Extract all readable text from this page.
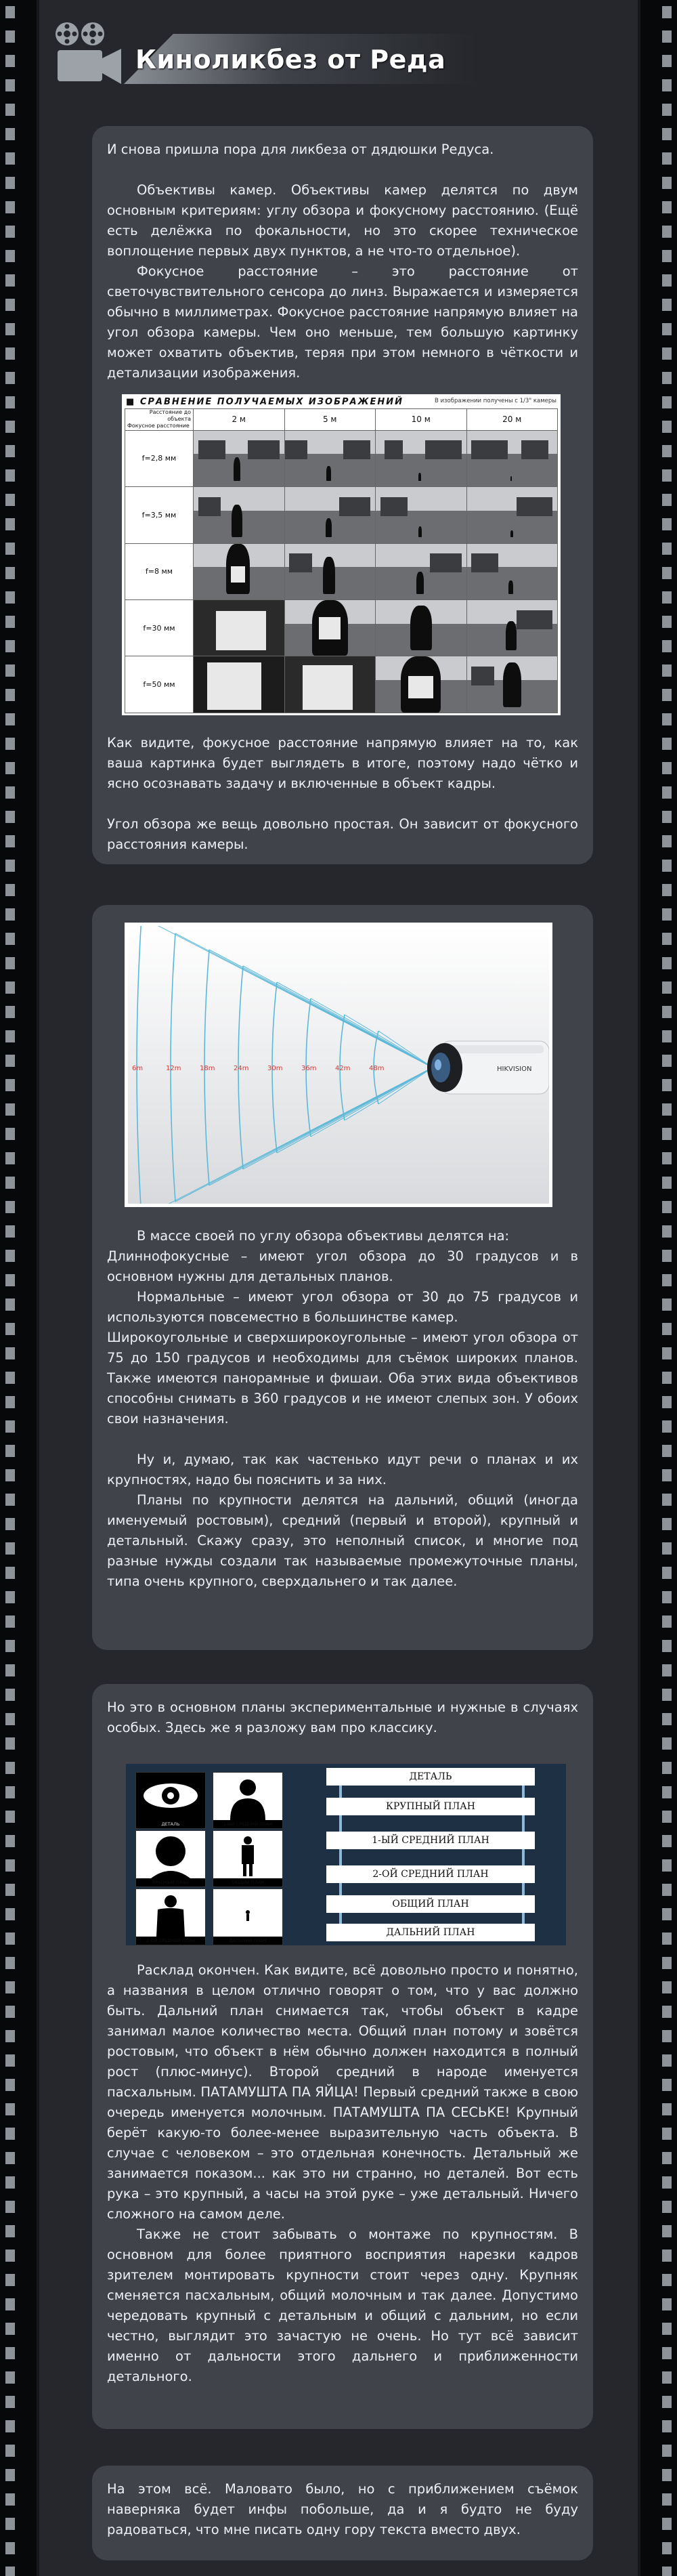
Киноликбез от Реда

И снова пришла пора для ликбеза от дядюшки Редуса.

Объективы камер. Объективы камер делятся по двум основным критериям: углу обзора и фокусному расстоянию. (Ещё есть делёжка по фокальности, но это скорее техническое воплощение первых двух пунктов, а не что-то отдельное).

Фокусное расстояние – это расстояние от светочувствительного сенсора до линз. Выражается и измеряется обычно в миллиметрах. Фокусное расстояние напрямую влияет на угол обзора камеры. Чем оно меньше, тем большую картинку может охватить объектив, теряя при этом немного в чёткости и детализации изображения.

■ СРАВНЕНИЕ ПОЛУЧАЕМЫХ ИЗОБРАЖЕНИЙ	В изображении получены с 1/3" камеры
Расстояние до объекта
Фокусное расстояние	2 м	5 м	10 м	20 м
f=2,8 мм	

f=3,5 мм	

f=8 мм	

f=30 мм	

f=50 мм	

Как видите, фокусное расстояние напрямую влияет на то, как ваша картинка будет выглядеть в итоге, поэтому надо чётко и ясно осознавать задачу и включенные в объект кадры.

Угол обзора же вещь довольно простая. Он зависит от фокусного расстояния камеры.

48m
42m
36m
30m
24m
18m
12m
6m	HIKVISION

В массе своей по углу обзора объективы делятся на:

Длиннофокусные – имеют угол обзора до 30 градусов и в основном нужны для детальных планов.

Нормальные – имеют угол обзора от 30 до 75 градусов и используются повсеместно в большинстве камер.

Широкоугольные и сверхширокоугольные – имеют угол обзора от 75 до 150 градусов и необходимы для съёмок широких планов. Также имеются панорамные и фишаи. Оба этих вида объективов способны снимать в 360 градусов и не имеют слепых зон. У обоих свои назначения.

Ну и, думаю, так как частенько идут речи о планах и их крупностях, надо бы пояснить и за них.

Планы по крупности делятся на дальний, общий (иногда именуемый ростовым), средний (первый и второй), крупный и детальный. Скажу сразу, это неполный список, и многие под разные нужды создали так называемые промежуточные планы, типа очень крупного, сверхдальнего и так далее.

Но это в основном планы экспериментальные и нужные в случаях особых. Здесь же я разложу вам про классику.

ДЕТАЛЬ	1-ЫЙ СРЕДНИЙ ПЛАН
КРУПНЫЙ ПЛАН	ОБЩИЙ ПЛАН
2-ОЙ СРЕДНИЙ ПЛАН	ДАЛЬНИЙ ПЛАН
ДЕТАЛЬ
КРУПНЫЙ ПЛАН
1-ЫЙ СРЕДНИЙ ПЛАН
2-ОЙ СРЕДНИЙ ПЛАН
ОБЩИЙ ПЛАН
ДАЛЬНИЙ ПЛАН

Расклад окончен. Как видите, всё довольно просто и понятно, а названия в целом отлично говорят о том, что у вас должно быть. Дальний план снимается так, чтобы объект в кадре занимал малое количество места. Общий план потому и зовётся ростовым, что объект в нём обычно должен находится в полный рост (плюс-минус). Второй средний в народе именуется пасхальным. ПАТАМУШТА ПА ЯЙЦА! Первый средний также в свою очередь именуется молочным. ПАТАМУШТА ПА СЕСЬКЕ! Крупный берёт какую-то более-менее выразительную часть объекта. В случае с человеком – это отдельная конечность. Детальный же занимается показом... как это ни странно, но деталей. Вот есть рука – это крупный, а часы на этой руке – уже детальный. Ничего сложного на самом деле.

Также не стоит забывать о монтаже по крупностям. В основном для более приятного восприятия нарезки кадров зрителем монтировать крупности стоит через одну. Крупняк сменяется пасхальным, общий молочным и так далее. Допустимо чередовать крупный с детальным и общий с дальним, но если честно, выглядит это зачастую не очень. Но тут всё зависит именно от дальности этого дальнего и приближенности детального.

На этом всё. Маловато было, но с приближением съёмок наверняка будет инфы побольше, да и я будто не буду радоваться, что мне писать одну гору текста вместо двух.
